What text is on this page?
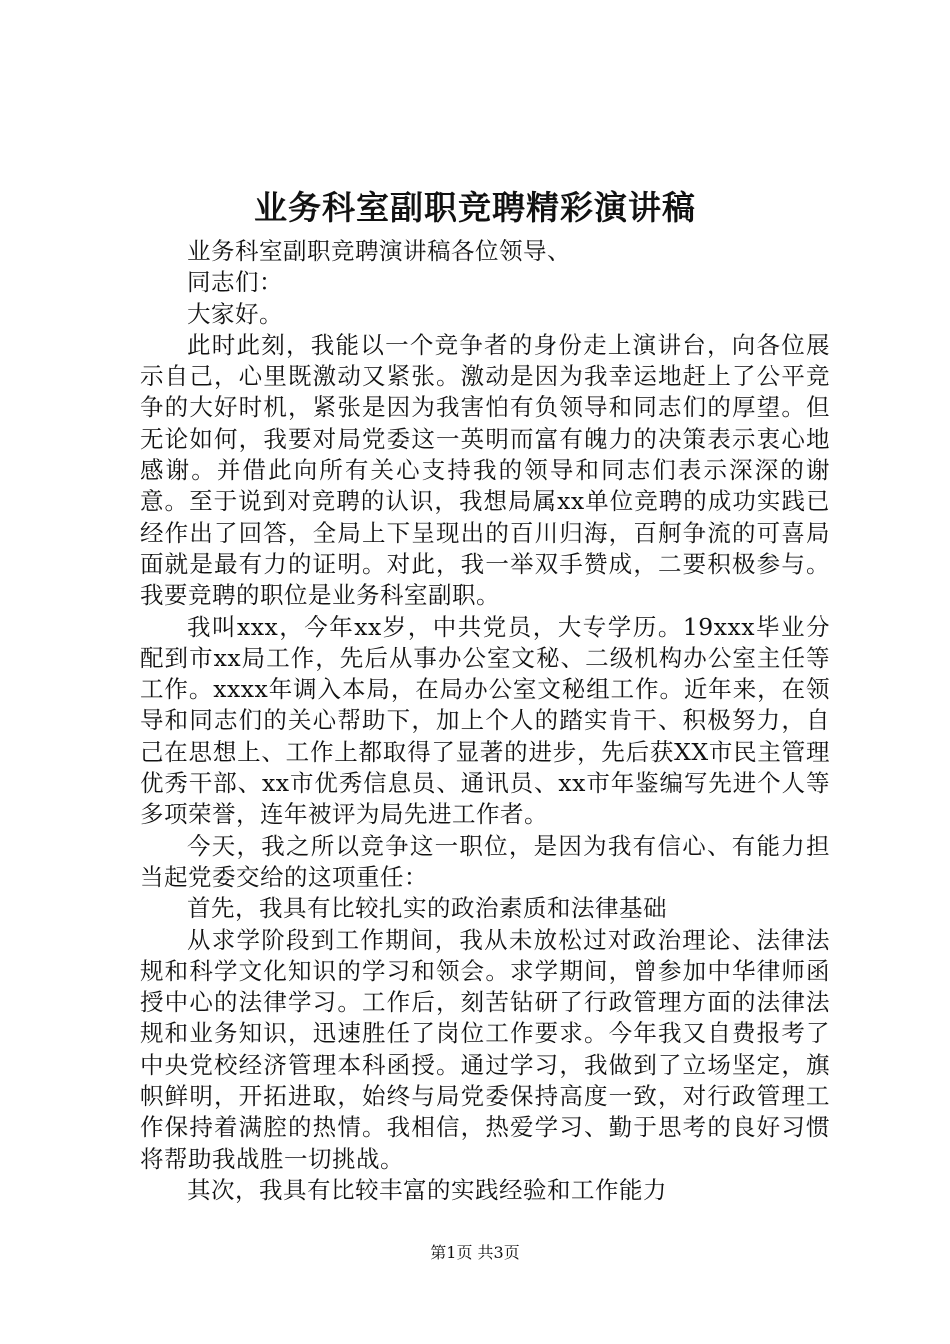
业务科室副职竞聘精彩演讲稿

业务科室副职竞聘演讲稿各位领导、

同志们：

大家好。

此时此刻，我能以一个竞争者的身份走上演讲台，向各位展示自己，心里既激动又紧张。激动是因为我幸运地赶上了公平竞争的大好时机，紧张是因为我害怕有负领导和同志们的厚望。但无论如何，我要对局党委这一英明而富有魄力的决策表示衷心地感谢。并借此向所有关心支持我的领导和同志们表示深深的谢意。至于说到对竞聘的认识，我想局属xx单位竞聘的成功实践已经作出了回答，全局上下呈现出的百川归海，百舸争流的可喜局面就是最有力的证明。对此，我一举双手赞成，二要积极参与。我要竞聘的职位是业务科室副职。

我叫xxx，今年xx岁，中共党员，大专学历。19xxx毕业分配到市xx局工作，先后从事办公室文秘、二级机构办公室主任等工作。xxxx年调入本局，在局办公室文秘组工作。近年来，在领导和同志们的关心帮助下，加上个人的踏实肯干、积极努力，自己在思想上、工作上都取得了显著的进步，先后获XX市民主管理优秀干部、xx市优秀信息员、通讯员、xx市年鉴编写先进个人等多项荣誉，连年被评为局先进工作者。

今天，我之所以竞争这一职位，是因为我有信心、有能力担当起党委交给的这项重任：

首先，我具有比较扎实的政治素质和法律基础

从求学阶段到工作期间，我从未放松过对政治理论、法律法规和科学文化知识的学习和领会。求学期间，曾参加中华律师函授中心的法律学习。工作后，刻苦钻研了行政管理方面的法律法规和业务知识，迅速胜任了岗位工作要求。今年我又自费报考了中央党校经济管理本科函授。通过学习，我做到了立场坚定，旗帜鲜明，开拓进取，始终与局党委保持高度一致，对行政管理工作保持着满腔的热情。我相信，热爱学习、勤于思考的良好习惯将帮助我战胜一切挑战。

其次，我具有比较丰富的实践经验和工作能力

第1页 共3页
